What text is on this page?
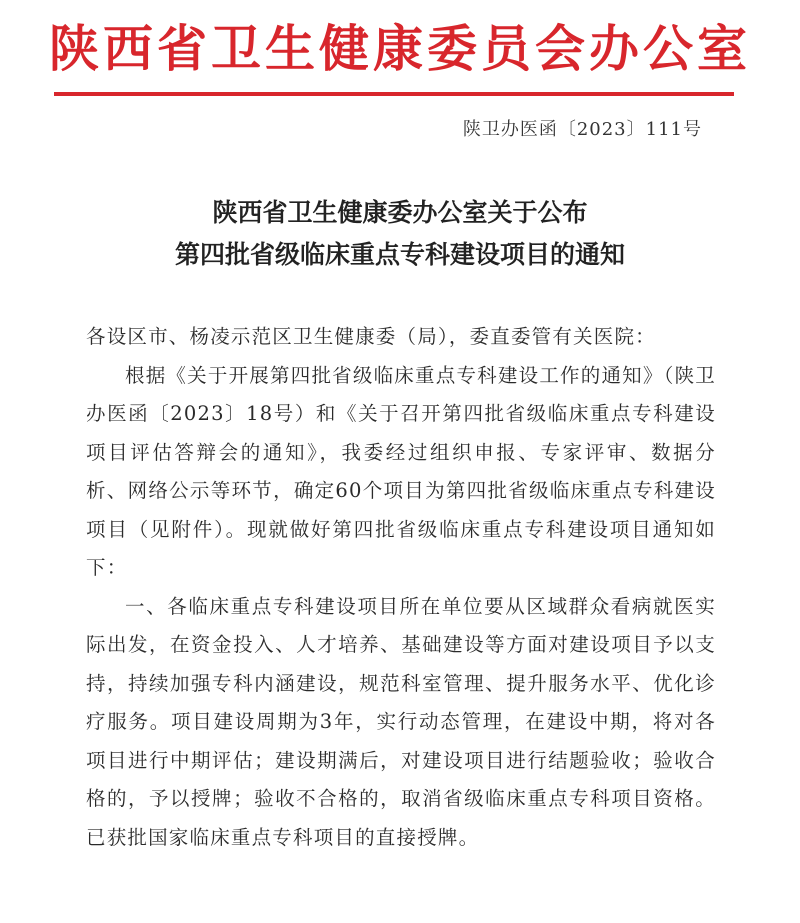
陕西省卫生健康委员会办公室
陕卫办医函〔2023〕111号
陕西省卫生健康委办公室关于公布
第四批省级临床重点专科建设项目的通知

各设区市、杨凌示范区卫生健康委（局），委直委管有关医院：

根据《关于开展第四批省级临床重点专科建设工作的通知》（陕卫办医函〔2023〕18号）和《关于召开第四批省级临床重点专科建设项目评估答辩会的通知》，我委经过组织申报、专家评审、数据分析、网络公示等环节，确定60个项目为第四批省级临床重点专科建设项目（见附件）。现就做好第四批省级临床重点专科建设项目通知如下：

一、各临床重点专科建设项目所在单位要从区域群众看病就医实际出发，在资金投入、人才培养、基础建设等方面对建设项目予以支持，持续加强专科内涵建设，规范科室管理、提升服务水平、优化诊疗服务。项目建设周期为3年，实行动态管理，在建设中期，将对各项目进行中期评估；建设期满后，对建设项目进行结题验收；验收合格的，予以授牌；验收不合格的，取消省级临床重点专科项目资格。已获批国家临床重点专科项目的直接授牌。
